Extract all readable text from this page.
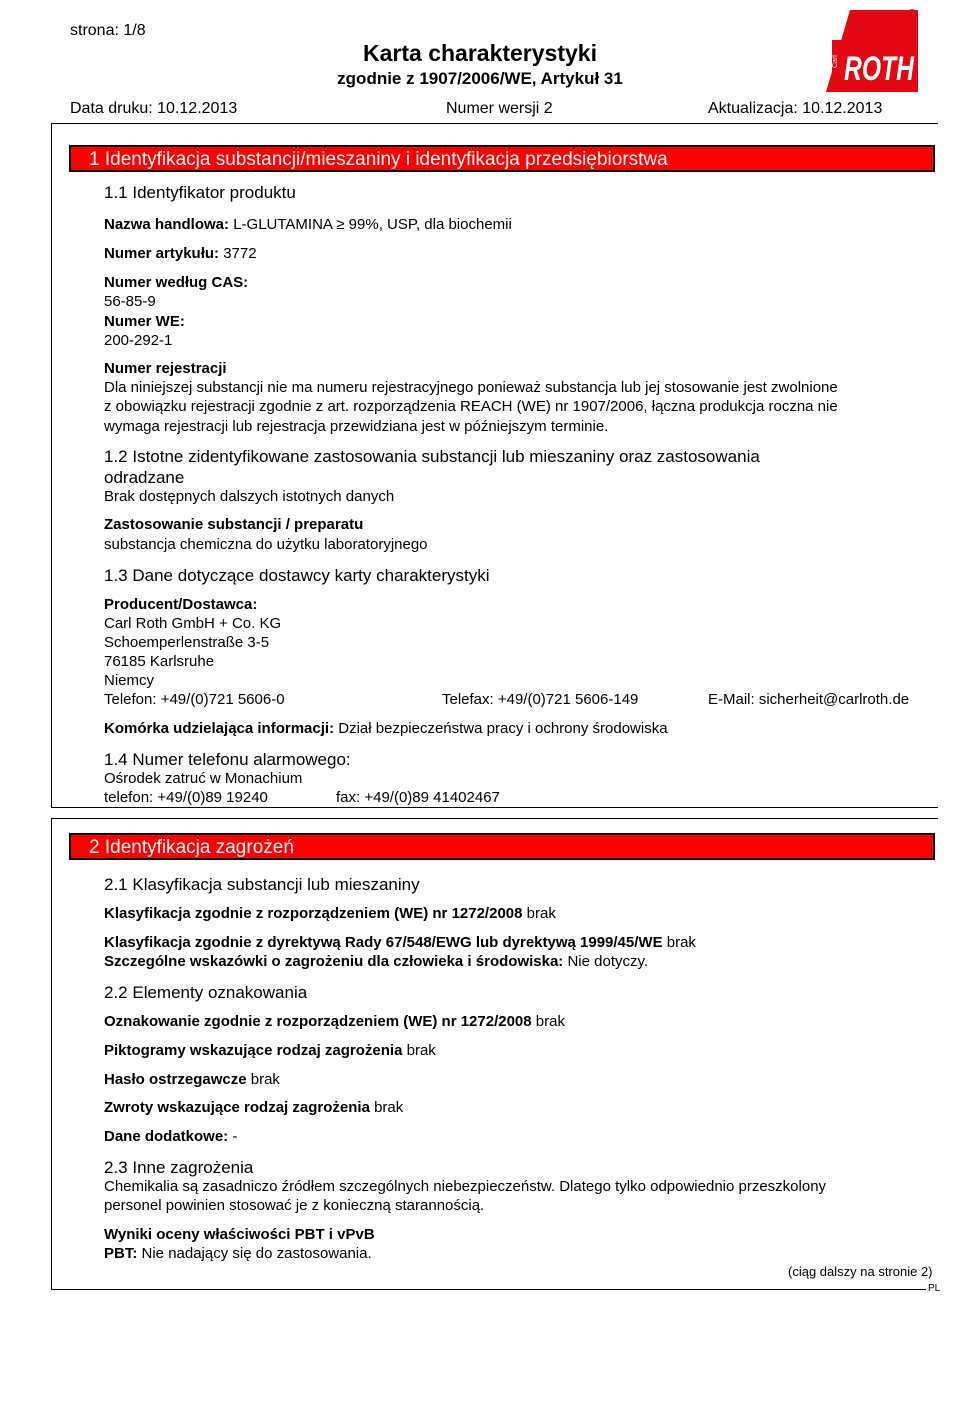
strona: 1/8
Karta charakterystyki
zgodnie z 1907/2006/WE, Artykuł 31
R
Carl ROTH
Data druku: 10.12.2013	Numer wersji 2	Aktualizacja: 10.12.2013
1 Identyfikacja substancji/mieszaniny i identyfikacja przedsiębiorstwa
1.1 Identyfikator produktu
Nazwa handlowa: L-GLUTAMINA ≥ 99%, USP, dla biochemii
Numer artykułu: 3772
Numer według CAS:
56-85-9
Numer WE:
200-292-1
Numer rejestracji
Dla niniejszej substancji nie ma numeru rejestracyjnego ponieważ substancja lub jej stosowanie jest zwolnione
z obowiązku rejestracji zgodnie z art. rozporządzenia REACH (WE) nr 1907/2006, łączna produkcja roczna nie
wymaga rejestracji lub rejestracja przewidziana jest w późniejszym terminie.
1.2 Istotne zidentyfikowane zastosowania substancji lub mieszaniny oraz zastosowania
odradzane
Brak dostępnych dalszych istotnych danych
Zastosowanie substancji / preparatu
substancja chemiczna do użytku laboratoryjnego
1.3 Dane dotyczące dostawcy karty charakterystyki
Producent/Dostawca:
Carl Roth GmbH + Co. KG
Schoemperlenstraße 3-5
76185 Karlsruhe
Niemcy
Telefon: +49/(0)721 5606-0	Telefax: +49/(0)721 5606-149	E-Mail: sicherheit@carlroth.de
Komórka udzielająca informacji: Dział bezpieczeństwa pracy i ochrony środowiska
1.4 Numer telefonu alarmowego:
Ośrodek zatruć w Monachium
telefon: +49/(0)89 19240	fax: +49/(0)89 41402467
2 Identyfikacja zagrożeń
2.1 Klasyfikacja substancji lub mieszaniny
Klasyfikacja zgodnie z rozporządzeniem (WE) nr 1272/2008 brak
Klasyfikacja zgodnie z dyrektywą Rady 67/548/EWG lub dyrektywą 1999/45/WE brak
Szczególne wskazówki o zagrożeniu dla człowieka i środowiska: Nie dotyczy.
2.2 Elementy oznakowania
Oznakowanie zgodnie z rozporządzeniem (WE) nr 1272/2008 brak
Piktogramy wskazujące rodzaj zagrożenia brak
Hasło ostrzegawcze brak
Zwroty wskazujące rodzaj zagrożenia brak
Dane dodatkowe: -
2.3 Inne zagrożenia
Chemikalia są zasadniczo źródłem szczególnych niebezpieczeństw. Dlatego tylko odpowiednio przeszkolony
personel powinien stosować je z konieczną starannością.
Wyniki oceny właściwości PBT i vPvB
PBT: Nie nadający się do zastosowania.
(ciąg dalszy na stronie 2)
PL
